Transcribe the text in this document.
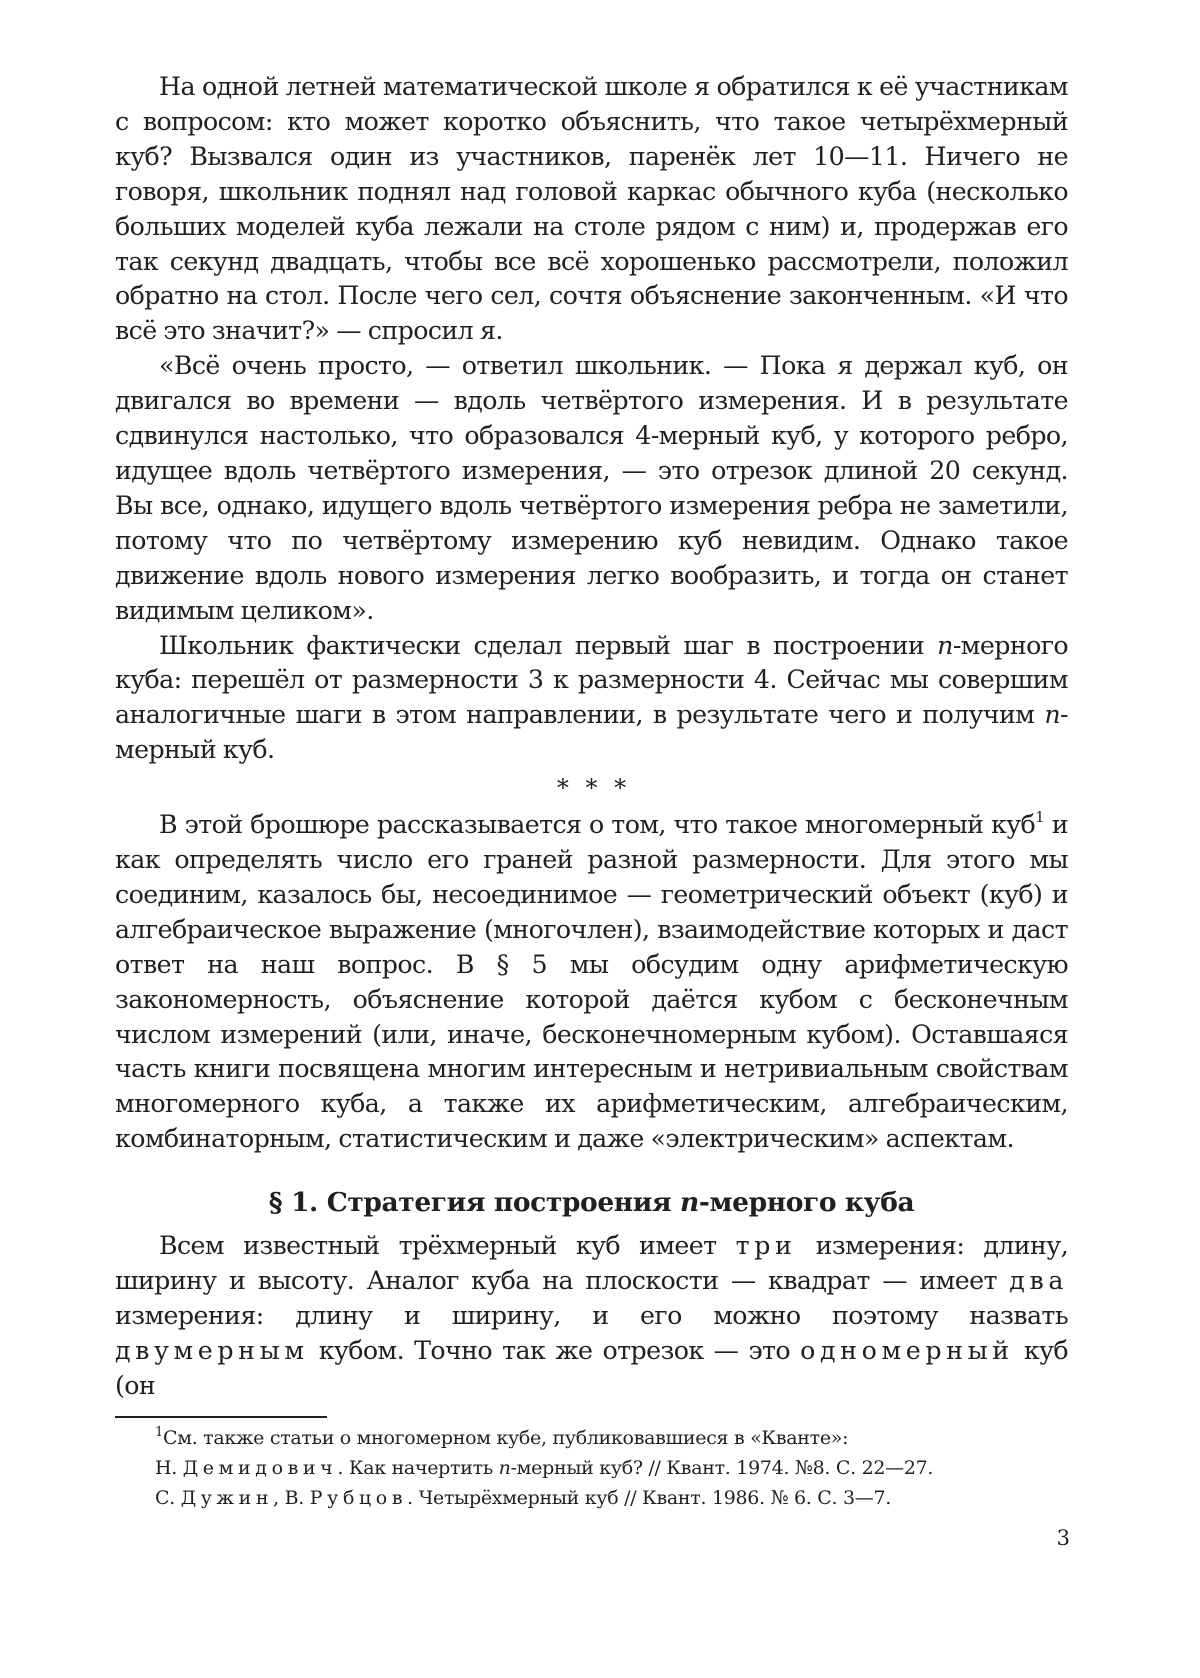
На одной летней математической школе я обратился к её участникам с вопросом: кто может коротко объяснить, что такое четырёхмерный куб? Вызвался один из участников, паренёк лет 10—11. Ничего не говоря, школьник поднял над головой каркас обычного куба (несколько больших моделей куба лежали на столе рядом с ним) и, продержав его так секунд двадцать, чтобы все всё хорошенько рассмотрели, положил обратно на стол. После чего сел, сочтя объяснение законченным. «И что всё это значит?» — спросил я.

«Всё очень просто, — ответил школьник. — Пока я держал куб, он двигался во времени — вдоль четвёртого измерения. И в результате сдвинулся настолько, что образовался 4-мерный куб, у которого ребро, идущее вдоль четвёртого измерения, — это отрезок длиной 20 секунд. Вы все, однако, идущего вдоль четвёртого измерения ребра не заметили, потому что по четвёртому измерению куб невидим. Однако такое движение вдоль нового измерения легко вообразить, и тогда он станет видимым целиком».

Школьник фактически сделал первый шаг в построении n-мерного куба: перешёл от размерности 3 к размерности 4. Сейчас мы совершим аналогичные шаги в этом направлении, в результате чего и получим n-мерный куб.

* * *

В этой брошюре рассказывается о том, что такое многомерный куб$^1$ и как определять число его граней разной размерности. Для этого мы соединим, казалось бы, несоединимое — геометрический объект (куб) и алгебраическое выражение (многочлен), взаимодействие которых и даст ответ на наш вопрос. В § 5 мы обсудим одну арифметическую закономерность, объяснение которой даётся кубом с бесконечным числом измерений (или, иначе, бесконечномерным кубом). Оставшаяся часть книги посвящена многим интересным и нетривиальным свойствам многомерного куба, а также их арифметическим, алгебраическим, комбинаторным, статистическим и даже «электрическим» аспектам.

§ 1. Стратегия построения n-мерного куба

Всем известный трёхмерный куб имеет три измерения: длину, ширину и высоту. Аналог куба на плоскости — квадрат — имеет два измерения: длину и ширину, и его можно поэтому назвать двумерным кубом. Точно так же отрезок — это одномерный куб (он

$^1$См. также статьи о многомерном кубе, публиковавшиеся в «Кванте»:

Н. Демидович. Как начертить n-мерный куб? // Квант. 1974. №8. С. 22—27.

С. Дужин, В. Рубцов. Четырёхмерный куб // Квант. 1986. № 6. С. 3—7.

3
